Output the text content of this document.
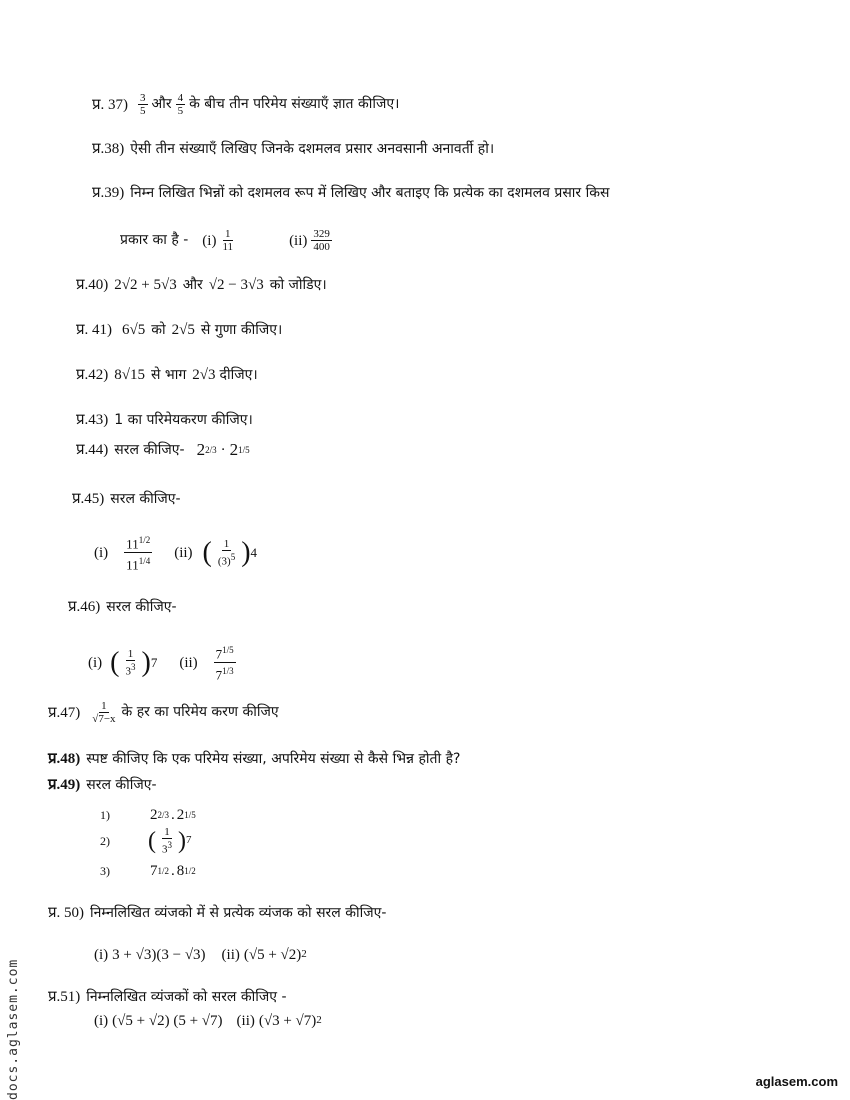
प्र. $37) \frac{3}{5}$ और $\frac{4}{5}$ के बीच तीन परिमेय संख्याएँ ज्ञात कीजिए।
प्र.38) ऐसी तीन संख्याएँ लिखिए जिनके दशमलव प्रसार अनवसानी अनावर्ती हो।
प्र.39) निम्न लिखित भिन्नों को दशमलव रूप में लिखिए और बताइए कि प्रत्येक का दशमलव प्रसार किस
प्रकार का है - $(i) \frac{1}{11}$	$(ii) \frac{329}{400}$
प्र.40) 2√2 + 5√3 और √2 − 3√3 को जोडिए।
प्र. 41) 6√5 को 2√5 से गुणा कीजिए।
प्र.42) 8√15 से भाग 2√3 दीजिए।
प्र.43) 1 का परिमेयकरण कीजिए।
प्र.44) सरल कीजिए- 2 2/3 · 2 1/5
प्र.45) सरल कीजिए-
$(i) \frac{11^{1/2}}{11^{1/4}} (ii)$ ( $\frac{1}{(3)^5}$ ) 4
प्र.46) सरल कीजिए-
(i) ( $\frac{1}{3^3}$ ) 7 $(ii) \frac{7^{1/5}}{7^{1/3}}$
प्र.47) $\frac{1}{√7-x}$ के हर का परिमेय करण कीजिए
प्र.48) स्पष्ट कीजिए कि एक परिमेय संख्या, अपरिमेय संख्या से कैसे भिन्न होती है?
प्र.49) सरल कीजिए-
1)	2 2/3 . 2 1/5
2)	( $\frac{1}{3^3}$ ) 7
3)	7 1/2 . 8 1/2
प्र. 50) निम्नलिखित व्यंजको में से प्रत्येक व्यंजक को सरल कीजिए-
(i) 3 + √3)(3 − √3) (ii) (√5 + √2) 2
प्र.51) निम्नलिखित व्यंजकों को सरल कीजिए -
(i) (√5 + √2) (5 + √7) (ii) (√3 + √7) 2
docs.aglasem.com	aglasem.com
